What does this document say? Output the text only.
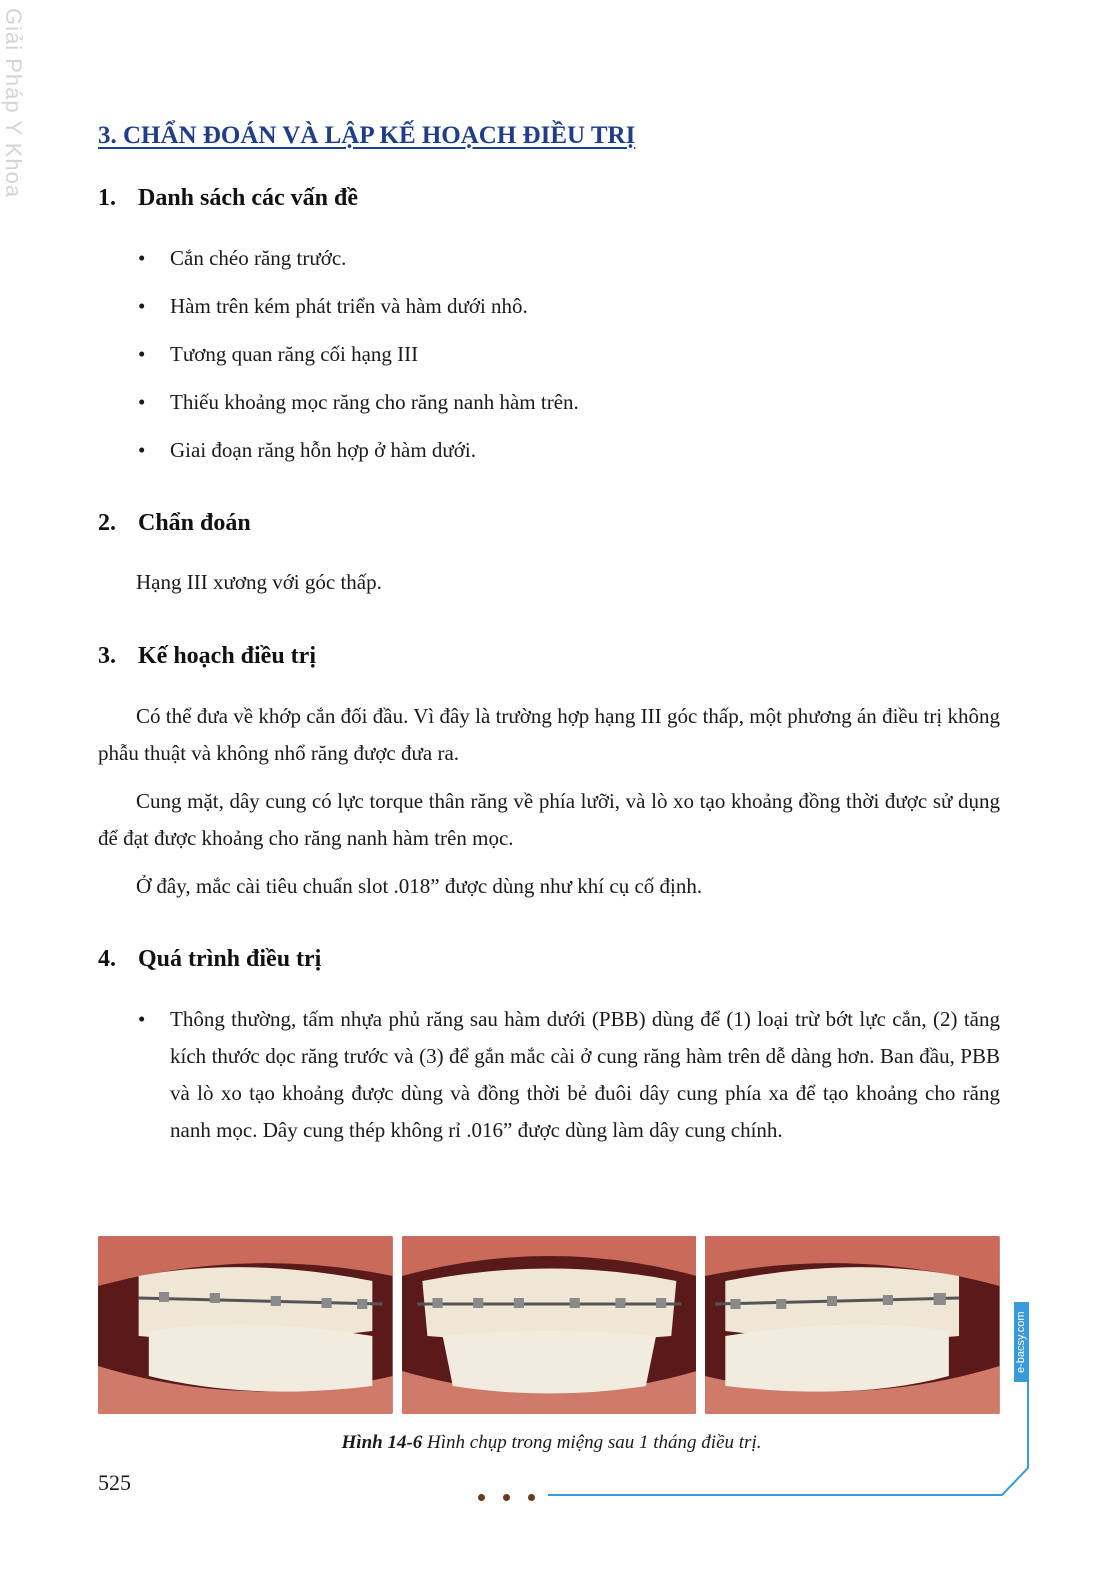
Giải Pháp Y Khoa	3. CHẨN ĐOÁN VÀ LẬP KẾ HOẠCH ĐIỀU TRỊ
1. Danh sách các vấn đề
• Cắn chéo răng trước.
• Hàm trên kém phát triển và hàm dưới nhô.
• Tương quan răng cối hạng III
• Thiếu khoảng mọc răng cho răng nanh hàm trên.
• Giai đoạn răng hỗn hợp ở hàm dưới.
2. Chẩn đoán

Hạng III xương với góc thấp.

3. Kế hoạch điều trị

Có thể đưa về khớp cắn đối đầu. Vì đây là trường hợp hạng III góc thấp, một phương án điều trị không phẫu thuật và không nhổ răng được đưa ra.

Cung mặt, dây cung có lực torque thân răng về phía lưỡi, và lò xo tạo khoảng đồng thời được sử dụng để đạt được khoảng cho răng nanh hàm trên mọc.

Ở đây, mắc cài tiêu chuẩn slot .018” được dùng như khí cụ cố định.

4. Quá trình điều trị
• Thông thường, tấm nhựa phủ răng sau hàm dưới (PBB) dùng để (1) loại trừ bớt lực cắn, (2) tăng kích thước dọc răng trước và (3) để gắn mắc cài ở cung răng hàm trên dễ dàng hơn. Ban đầu, PBB và lò xo tạo khoảng được dùng và đồng thời bẻ đuôi dây cung phía xa để tạo khoảng cho răng nanh mọc. Dây cung thép không rỉ .016” được dùng làm dây cung chính.

Hình 14-6 Hình chụp trong miệng sau 1 tháng điều trị.

525
e-bacsy.com
